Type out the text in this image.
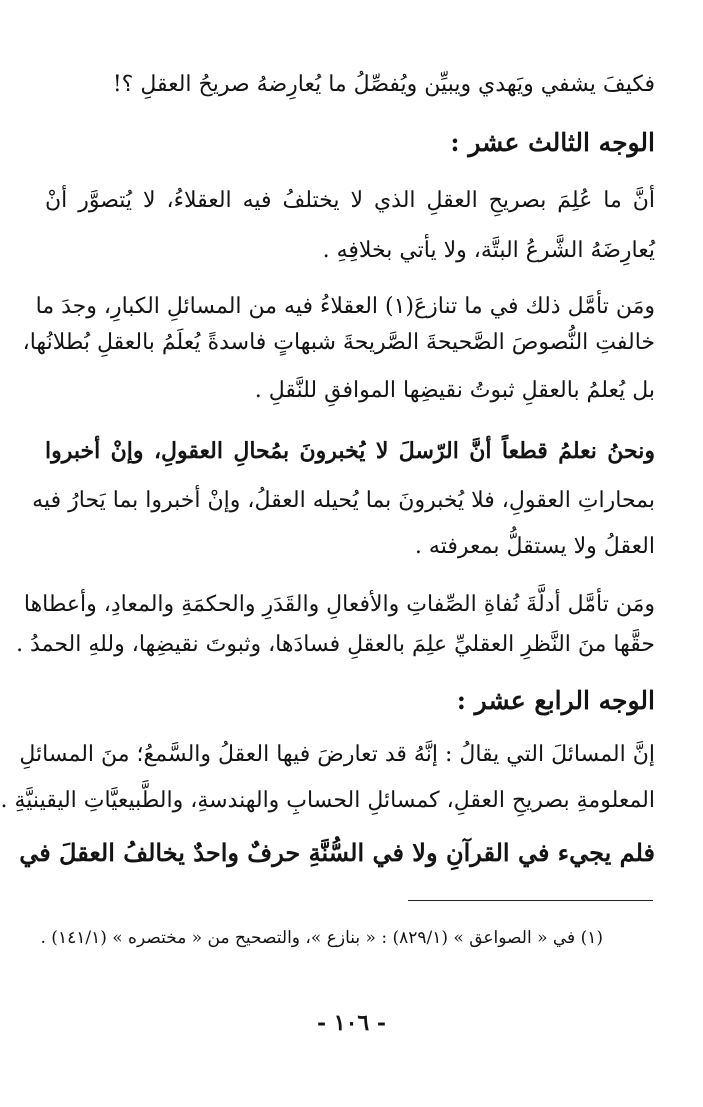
فكيفَ يشفي ويَهدي ويبيِّن ويُفصِّلُ ما يُعارِضهُ صريحُ العقلِ ؟!
الوجه الثالث عشر :
أنَّ ما عُلِمَ بصريحِ العقلِ الذي لا يختلفُ فيه العقلاءُ، لا يُتصوَّر أنْ
يُعارِضَهُ الشَّرعُ البتَّة، ولا يأتي بخلافِهِ .
ومَن تأمَّل ذلك في ما تنازعَ(١) العقلاءُ فيه من المسائلِ الكبارِ، وجدَ ما
خالفتِ النُّصوصَ الصَّحيحةَ الصَّريحةَ شبهاتٍ فاسدةً يُعلَمُ بالعقلِ بُطلانُها،
بل يُعلمُ بالعقلِ ثبوتُ نقيضِها الموافقِ للنَّقلِ .
ونحنُ نعلمُ قطعاً أنَّ الرّسلَ لا يُخبرونَ بمُحالِ العقولِ، وإنْ أخبروا
بمحاراتِ العقولِ، فلا يُخبرونَ بما يُحيله العقلُ، وإنْ أخبروا بما يَحارُ فيه
العقلُ ولا يستقلُّ بمعرفته .
ومَن تأمَّل أدلَّةَ نُفاةِ الصِّفاتِ والأفعالِ والقَدَرِ والحكمَةِ والمعادِ، وأعطاها
حقَّها منَ النَّظرِ العقليِّ علِمَ بالعقلِ فسادَها، وثبوتَ نقيضِها، وللهِ الحمدُ .
الوجه الرابع عشر :
إنَّ المسائلَ التي يقالُ : إنَّهُ قد تعارضَ فيها العقلُ والسَّمعُ؛ منَ المسائلِ
المعلومةِ بصريحِ العقلِ، كمسائلِ الحسابِ والهندسةِ، والطَّبيعيَّاتِ اليقينيَّةِ .
فلم يجيء في القرآنِ ولا في السُّنَّةِ حرفٌ واحدٌ يخالفُ العقلَ في
(١) في « الصواعق » (٨٢٩/١) : « بنازع »، والتصحيح من « مختصره » (١٤١/١) .
- ١٠٦ -
